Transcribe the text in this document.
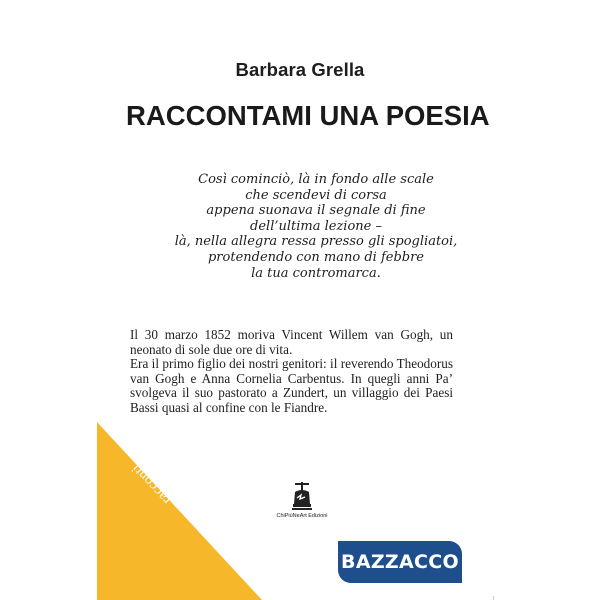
Barbara Grella
RACCONTAMI UNA POESIA
Così cominciò, là in fondo alle scale
che scendevi di corsa
appena suonava il segnale di fine
dell’ultima lezione –
là, nella allegra ressa presso gli spogliatoi,
protendendo con mano di febbre
la tua contromarca.
Il 30 marzo 1852 moriva Vincent Willem van Gogh, un neonato di sole due ore di vita.
Era il primo figlio dei nostri genitori: il reverendo Theodorus van Gogh e Anna Cornelia Carbentus. In quegli anni Pa’ svolgeva il suo pastorato a Zundert, un villaggio dei Paesi Bassi quasi al confine con le Fiandre.
racconti
ChiPiùNeArt Edizioni
BAZZACCO
